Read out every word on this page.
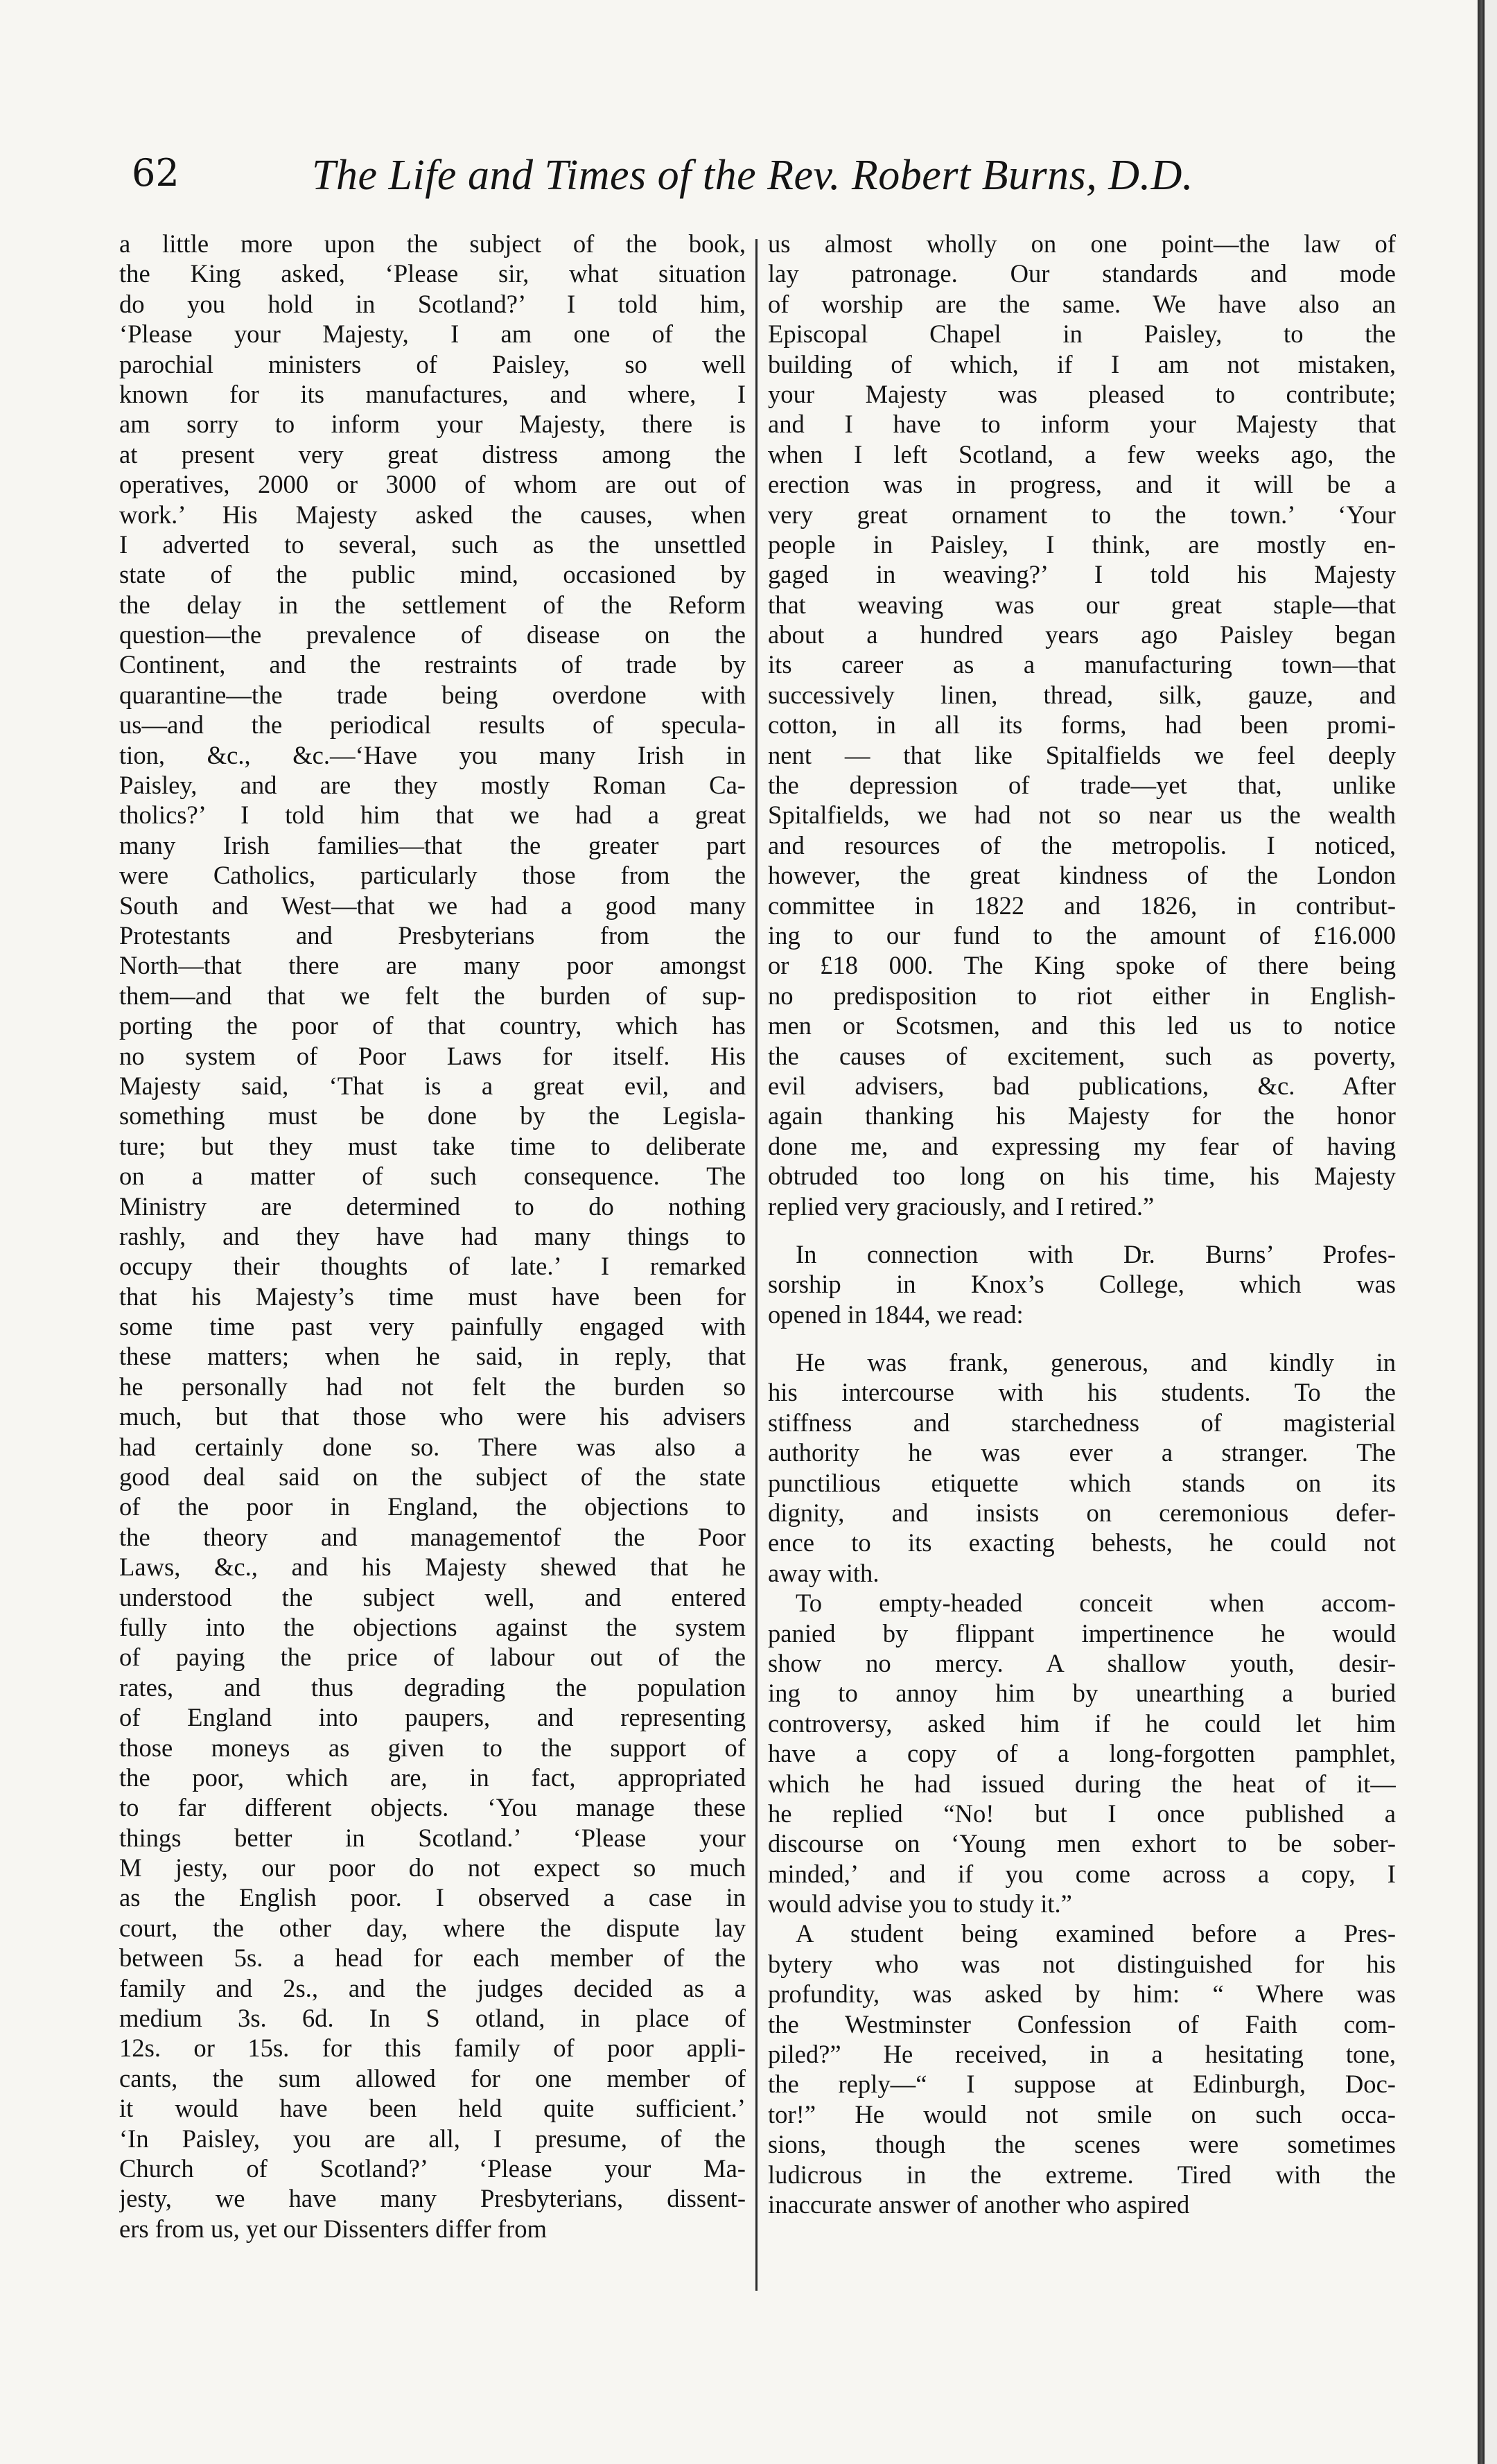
62	The Life and Times of the Rev. Robert Burns, D.D.
a little more upon the subject of the book,
the King asked, ‘Please sir, what situation
do you hold in Scotland?’ I told him,
‘Please your Majesty, I am one of the
parochial ministers of Paisley, so well
known for its manufactures, and where, I
am sorry to inform your Majesty, there is
at present very great distress among the
operatives, 2000 or 3000 of whom are out of
work.’ His Majesty asked the causes, when
I adverted to several, such as the unsettled
state of the public mind, occasioned by
the delay in the settlement of the Reform
question—the prevalence of disease on the
Continent, and the restraints of trade by
quarantine—the trade being overdone with
us—and the periodical results of specula-
tion, &c., &c.—‘Have you many Irish in
Paisley, and are they mostly Roman Ca-
tholics?’ I told him that we had a great
many Irish families—that the greater part
were Catholics, particularly those from the
South and West—that we had a good many
Protestants and Presbyterians from the
North—that there are many poor amongst
them—and that we felt the burden of sup-
porting the poor of that country, which has
no system of Poor Laws for itself. His
Majesty said, ‘That is a great evil, and
something must be done by the Legisla-
ture; but they must take time to deliberate
on a matter of such consequence. The
Ministry are determined to do nothing
rashly, and they have had many things to
occupy their thoughts of late.’ I remarked
that his Majesty’s time must have been for
some time past very painfully engaged with
these matters; when he said, in reply, that
he personally had not felt the burden so
much, but that those who were his advisers
had certainly done so. There was also a
good deal said on the subject of the state
of the poor in England, the objections to
the theory and managementof the Poor
Laws, &c., and his Majesty shewed that he
understood the subject well, and entered
fully into the objections against the system
of paying the price of labour out of the
rates, and thus degrading the population
of England into paupers, and representing
those moneys as given to the support of
the poor, which are, in fact, appropriated
to far different objects. ‘You manage these
things better in Scotland.’ ‘Please your
M jesty, our poor do not expect so much
as the English poor. I observed a case in
court, the other day, where the dispute lay
between 5s. a head for each member of the
family and 2s., and the judges decided as a
medium 3s. 6d. In S otland, in place of
12s. or 15s. for this family of poor appli-
cants, the sum allowed for one member of
it would have been held quite sufficient.’
‘In Paisley, you are all, I presume, of the
Church of Scotland?’ ‘Please your Ma-
jesty, we have many Presbyterians, dissent-
ers from us, yet our Dissenters differ from
us almost wholly on one point—the law of
lay patronage. Our standards and mode
of worship are the same. We have also an
Episcopal Chapel in Paisley, to the
building of which, if I am not mistaken,
your Majesty was pleased to contribute;
and I have to inform your Majesty that
when I left Scotland, a few weeks ago, the
erection was in progress, and it will be a
very great ornament to the town.’ ‘Your
people in Paisley, I think, are mostly en-
gaged in weaving?’ I told his Majesty
that weaving was our great staple—that
about a hundred years ago Paisley began
its career as a manufacturing town—that
successively linen, thread, silk, gauze, and
cotton, in all its forms, had been promi-
nent — that like Spitalfields we feel deeply
the depression of trade—yet that, unlike
Spitalfields, we had not so near us the wealth
and resources of the metropolis. I noticed,
however, the great kindness of the London
committee in 1822 and 1826, in contribut-
ing to our fund to the amount of £16.000
or £18 000. The King spoke of there being
no predisposition to riot either in English-
men or Scotsmen, and this led us to notice
the causes of excitement, such as poverty,
evil advisers, bad publications, &c. After
again thanking his Majesty for the honor
done me, and expressing my fear of having
obtruded too long on his time, his Majesty
replied very graciously, and I retired.”
In connection with Dr. Burns’ Profes-
sorship in Knox’s College, which was
opened in 1844, we read:
He was frank, generous, and kindly in
his intercourse with his students. To the
stiffness and starchedness of magisterial
authority he was ever a stranger. The
punctilious etiquette which stands on its
dignity, and insists on ceremonious defer-
ence to its exacting behests, he could not
away with.
To empty-headed conceit when accom-
panied by flippant impertinence he would
show no mercy. A shallow youth, desir-
ing to annoy him by unearthing a buried
controversy, asked him if he could let him
have a copy of a long-forgotten pamphlet,
which he had issued during the heat of it—
he replied “No! but I once published a
discourse on ‘Young men exhort to be sober-
minded,’ and if you come across a copy, I
would advise you to study it.”
A student being examined before a Pres-
bytery who was not distinguished for his
profundity, was asked by him: “ Where was
the Westminster Confession of Faith com-
piled?” He received, in a hesitating tone,
the reply—“ I suppose at Edinburgh, Doc-
tor!” He would not smile on such occa-
sions, though the scenes were sometimes
ludicrous in the extreme. Tired with the
inaccurate answer of another who aspired
